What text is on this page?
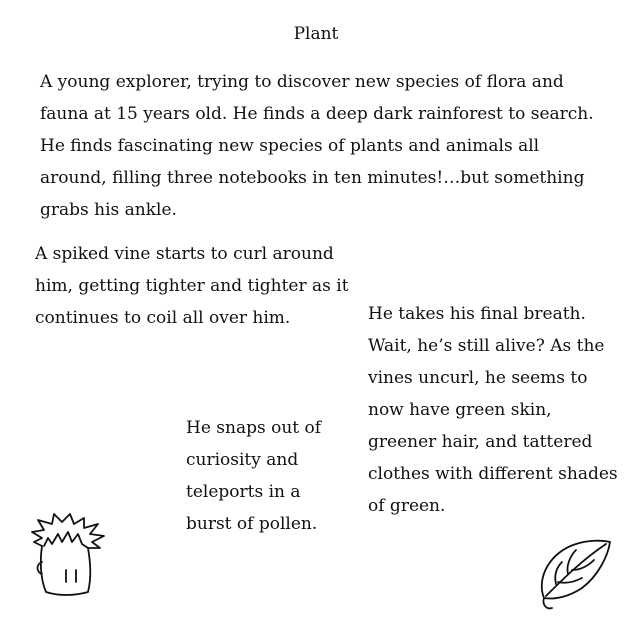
Plant

A young explorer, trying to discover new species of flora and fauna at 15 years old. He finds a deep dark rainforest to search. He finds fascinating new species of plants and animals all around, filling three notebooks in ten minutes!…but something grabs his ankle.

A spiked vine starts to curl around him, getting tighter and tighter as it continues to coil all over him.	He takes his final breath. Wait, he’s still alive? As the vines uncurl, he seems to now have green skin, greener hair, and tattered clothes with different shades of green.

He snaps out of curiosity and teleports in a burst of pollen.
